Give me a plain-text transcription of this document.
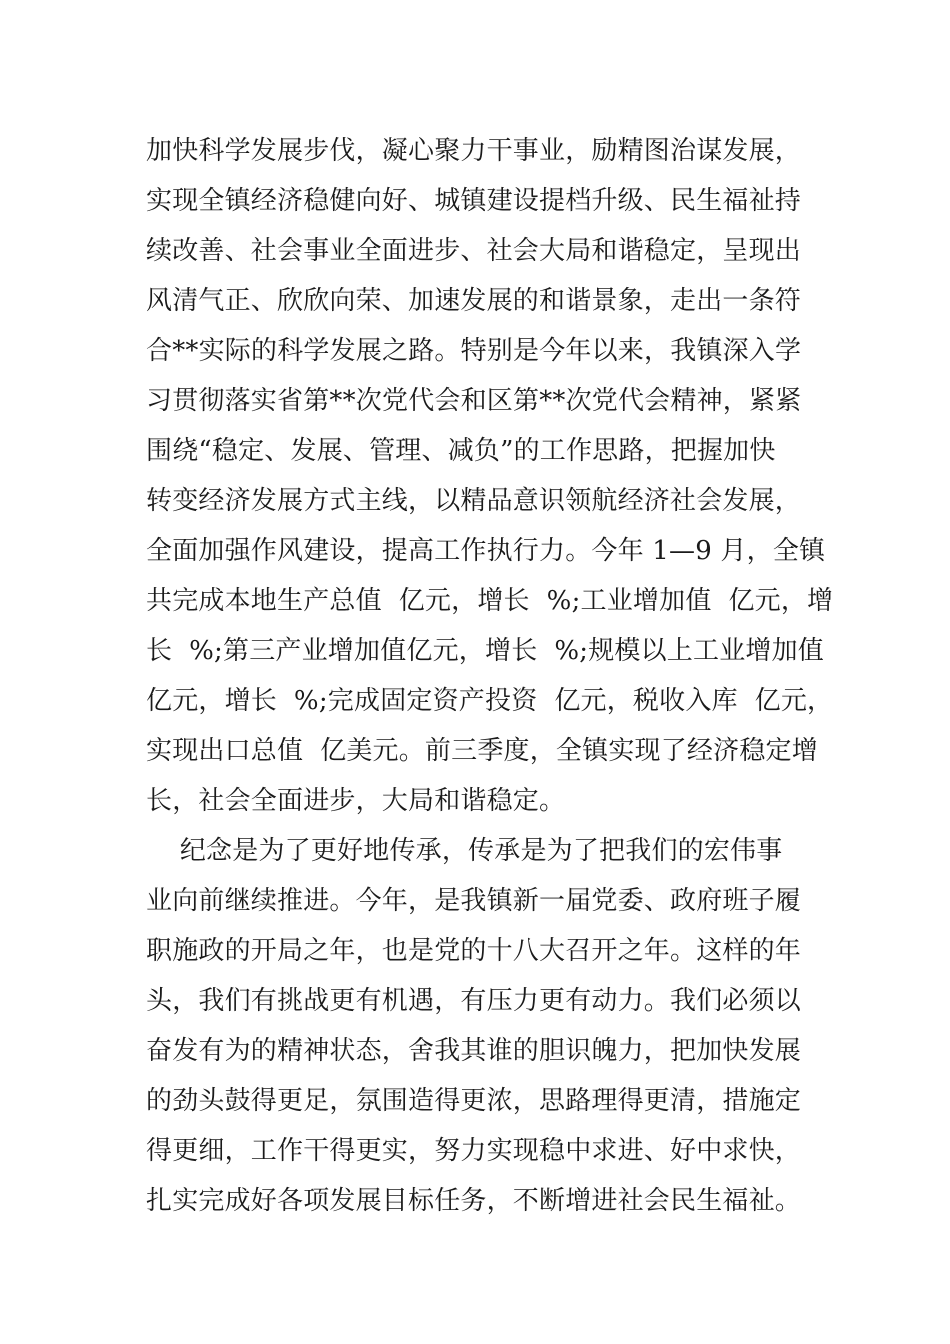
加快科学发展步伐，凝心聚力干事业，励精图治谋发展，
实现全镇经济稳健向好、城镇建设提档升级、民生福祉持
续改善、社会事业全面进步、社会大局和谐稳定，呈现出
风清气正、欣欣向荣、加速发展的和谐景象，走出一条符
合**实际的科学发展之路。特别是今年以来，我镇深入学
习贯彻落实省第**次党代会和区第**次党代会精神，紧紧
围绕“稳定、发展、管理、减负”的工作思路，把握加快
转变经济发展方式主线，以精品意识领航经济社会发展，
全面加强作风建设，提高工作执行力。今年 1—9 月，全镇
共完成本地生产总值  亿元，增长  %;工业增加值  亿元，增
长  %;第三产业增加值亿元，增长  %;规模以上工业增加值
亿元，增长  %;完成固定资产投资  亿元，税收入库  亿元，
实现出口总值  亿美元。前三季度，全镇实现了经济稳定增
长，社会全面进步，大局和谐稳定。
纪念是为了更好地传承，传承是为了把我们的宏伟事
业向前继续推进。今年，是我镇新一届党委、政府班子履
职施政的开局之年，也是党的十八大召开之年。这样的年
头，我们有挑战更有机遇，有压力更有动力。我们必须以
奋发有为的精神状态，舍我其谁的胆识魄力，把加快发展
的劲头鼓得更足，氛围造得更浓，思路理得更清，措施定
得更细，工作干得更实，努力实现稳中求进、好中求快，
扎实完成好各项发展目标任务，不断增进社会民生福祉。
